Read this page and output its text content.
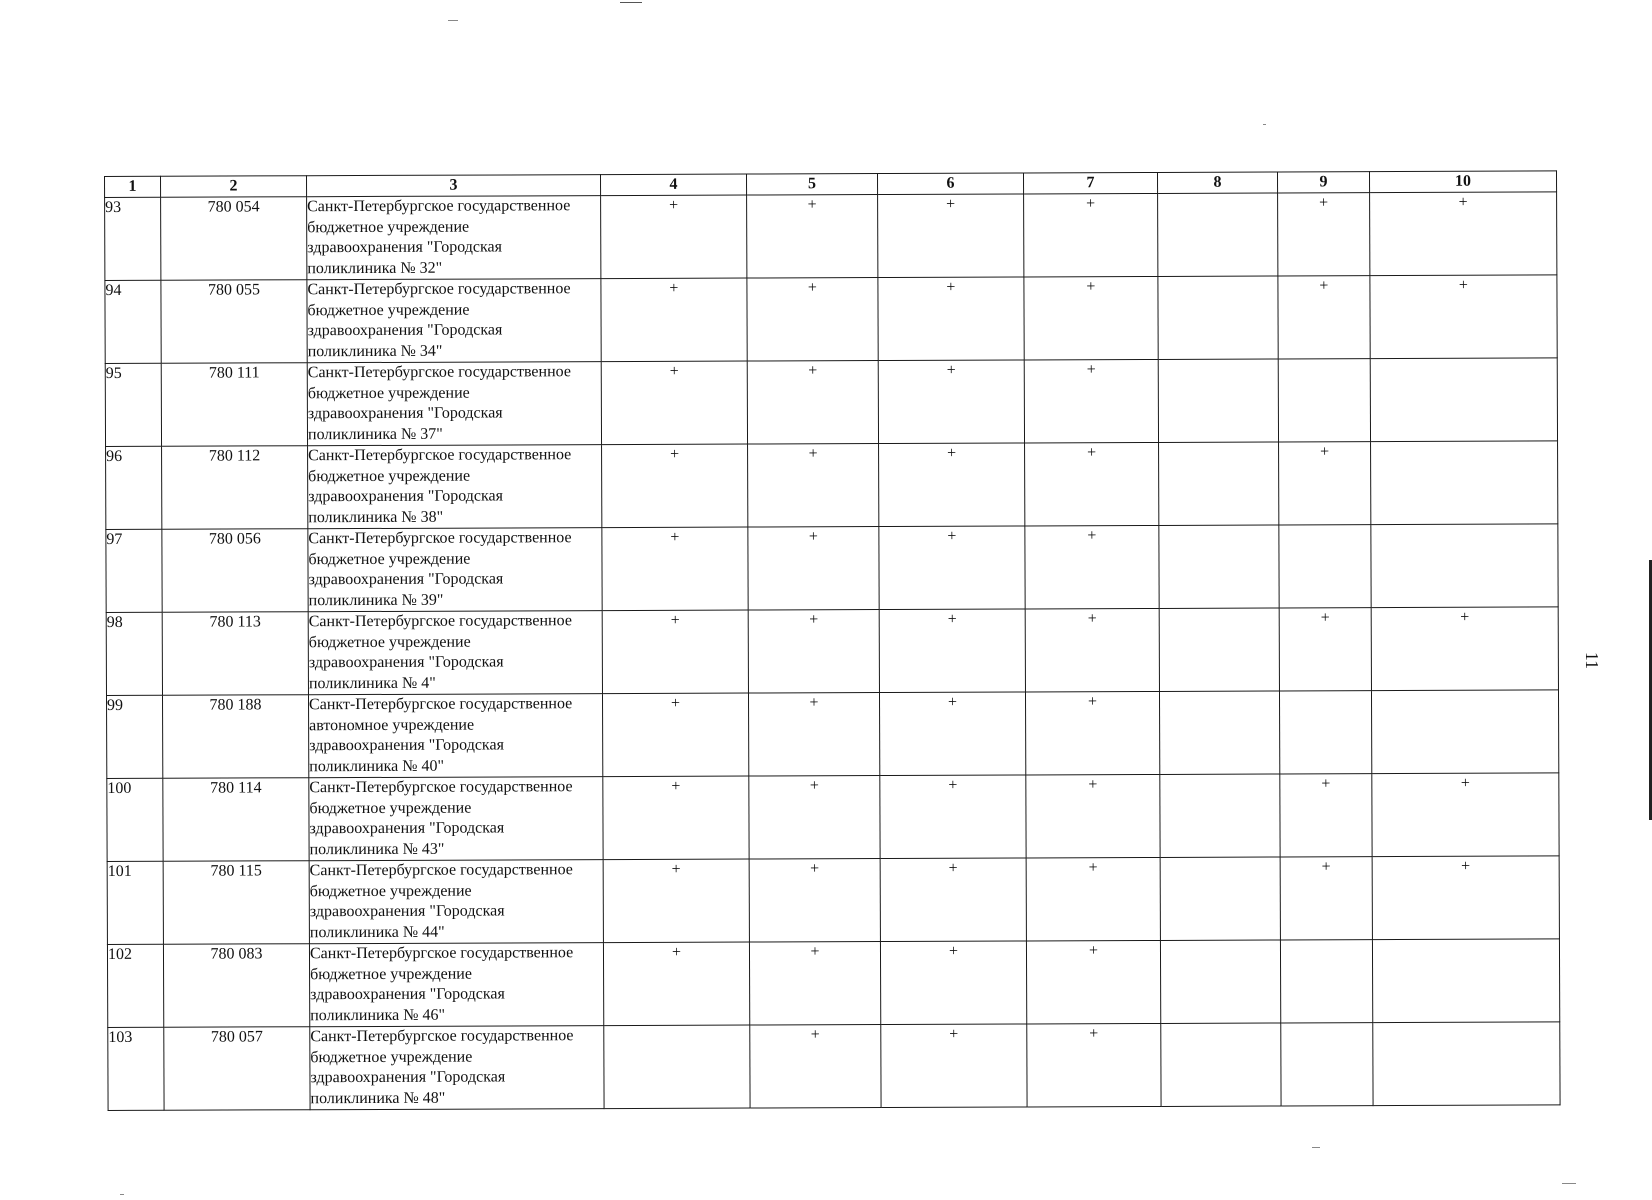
1	2	3	4	5	6	7	8	9	10
93	780 054	Санкт-Петербургское государственное
бюджетное учреждение
здравоохранения "Городская
поликлиника № 32"	+	+	+	+		+	+
94	780 055	Санкт-Петербургское государственное
бюджетное учреждение
здравоохранения "Городская
поликлиника № 34"	+	+	+	+		+	+
95	780 111	Санкт-Петербургское государственное
бюджетное учреждение
здравоохранения "Городская
поликлиника № 37"	+	+	+	+			
96	780 112	Санкт-Петербургское государственное
бюджетное учреждение
здравоохранения "Городская
поликлиника № 38"	+	+	+	+		+	
97	780 056	Санкт-Петербургское государственное
бюджетное учреждение
здравоохранения "Городская
поликлиника № 39"	+	+	+	+			
98	780 113	Санкт-Петербургское государственное
бюджетное учреждение
здравоохранения "Городская
поликлиника № 4"	+	+	+	+		+	+
99	780 188	Санкт-Петербургское государственное
автономное учреждение
здравоохранения "Городская
поликлиника № 40"	+	+	+	+			
100	780 114	Санкт-Петербургское государственное
бюджетное учреждение
здравоохранения "Городская
поликлиника № 43"	+	+	+	+		+	+
101	780 115	Санкт-Петербургское государственное
бюджетное учреждение
здравоохранения "Городская
поликлиника № 44"	+	+	+	+		+	+
102	780 083	Санкт-Петербургское государственное
бюджетное учреждение
здравоохранения "Городская
поликлиника № 46"	+	+	+	+			
103	780 057	Санкт-Петербургское государственное
бюджетное учреждение
здравоохранения "Городская
поликлиника № 48"		+	+	+			
11
